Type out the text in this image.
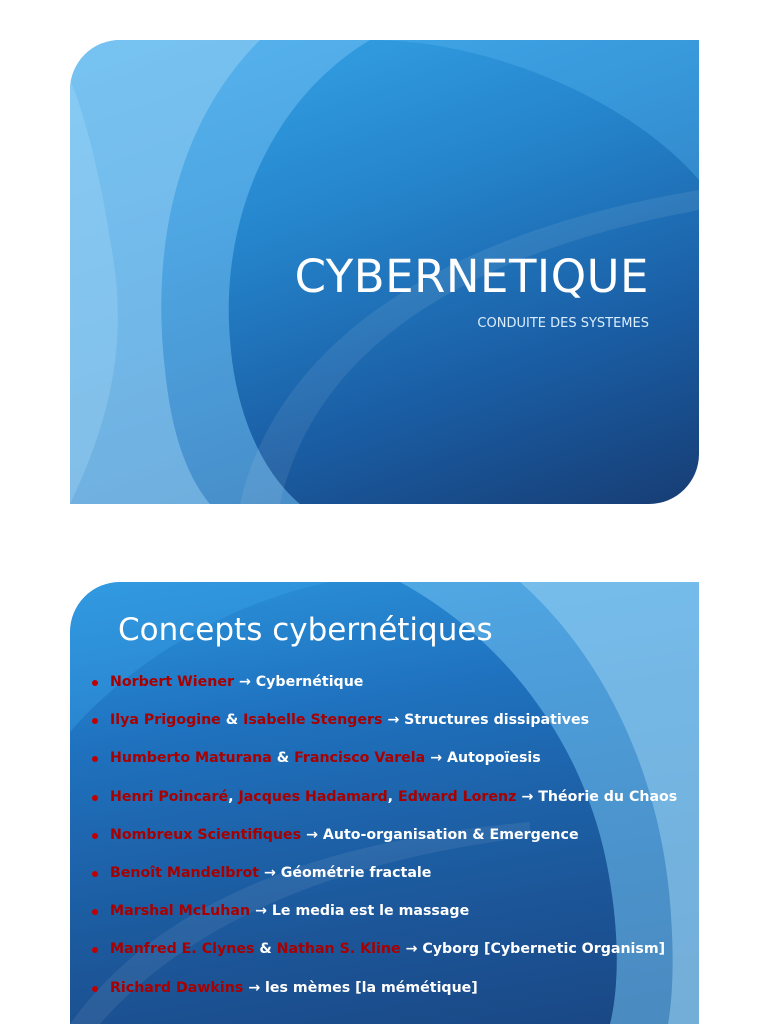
CYBERNETIQUE
CONDUITE DES SYSTEMES
Concepts cybernétiques
Norbert Wiener → Cybernétique
Ilya Prigogine & Isabelle Stengers → Structures dissipatives
Humberto Maturana & Francisco Varela → Autopoïesis
Henri Poincaré, Jacques Hadamard, Edward Lorenz → Théorie du Chaos
Nombreux Scientifiques → Auto-organisation & Emergence
Benoît Mandelbrot → Géométrie fractale
Marshal McLuhan → Le media est le massage
Manfred E. Clynes & Nathan S. Kline → Cyborg [Cybernetic Organism]
Richard Dawkins → les mèmes [la mémétique]
